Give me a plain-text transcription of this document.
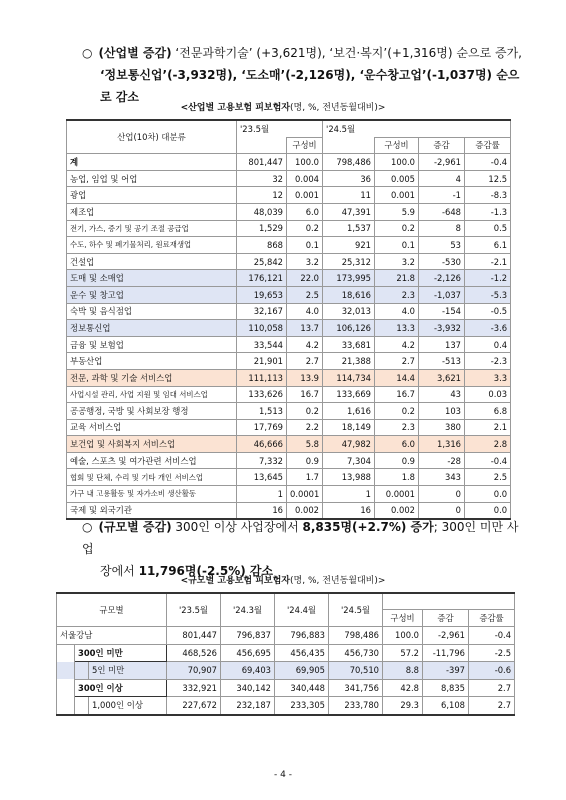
○ (산업별 증감) ‘전문과학기술’ (+3,621명), ‘보건·복지’(+1,316명) 순으로 증가,
‘정보통신업’(-3,932명), ‘도소매’(-2,126명), ‘운수창고업’(-1,037명) 순으로 감소
<산업별 고용보험 피보험자(명, %, 전년동월대비)>
산업(10차) 대분류	'23.5월		'24.5월			
		구성비		구성비	증감	증감률
계	801,447	100.0	798,486	100.0	-2,961	-0.4
농업, 임업 및 어업	32	0.004	36	0.005	4	12.5
광업	12	0.001	11	0.001	-1	-8.3
제조업	48,039	6.0	47,391	5.9	-648	-1.3
전기, 가스, 증기 및 공기 조절 공급업	1,529	0.2	1,537	0.2	8	0.5
수도, 하수 및 폐기물처리, 원료재생업	868	0.1	921	0.1	53	6.1
건설업	25,842	3.2	25,312	3.2	-530	-2.1
도매 및 소매업	176,121	22.0	173,995	21.8	-2,126	-1.2
운수 및 창고업	19,653	2.5	18,616	2.3	-1,037	-5.3
숙박 및 음식점업	32,167	4.0	32,013	4.0	-154	-0.5
정보통신업	110,058	13.7	106,126	13.3	-3,932	-3.6
금융 및 보험업	33,544	4.2	33,681	4.2	137	0.4
부동산업	21,901	2.7	21,388	2.7	-513	-2.3
전문, 과학 및 기술 서비스업	111,113	13.9	114,734	14.4	3,621	3.3
사업시설 관리, 사업 지원 및 임대 서비스업	133,626	16.7	133,669	16.7	43	0.03
공공행정, 국방 및 사회보장 행정	1,513	0.2	1,616	0.2	103	6.8
교육 서비스업	17,769	2.2	18,149	2.3	380	2.1
보건업 및 사회복지 서비스업	46,666	5.8	47,982	6.0	1,316	2.8
예술, 스포츠 및 여가관련 서비스업	7,332	0.9	7,304	0.9	-28	-0.4
협회 및 단체, 수리 및 기타 개인 서비스업	13,645	1.7	13,988	1.8	343	2.5
가구 내 고용활동 및 자가소비 생산활동	1	0.0001	1	0.0001	0	0.0
국제 및 외국기관	16	0.002	16	0.002	0	0.0
○ (규모별 증감) 300인 이상 사업장에서 8,835명(+2.7%) 증가; 300인 미만 사업
장에서 11,796명(-2.5%) 감소
<규모별 고용보험 피보험자(명, %, 전년동월대비)>
규모별			'23.5월	'24.3월	'24.4월	'24.5월			
							구성비	증감	증감률
서울강남			801,447	796,837	796,883	798,486	100.0	-2,961	-0.4
	300인 미만		468,526	456,695	456,435	456,730	57.2	-11,796	-2.5
		5인 미만	70,907	69,403	69,905	70,510	8.8	-397	-0.6
	300인 이상		332,921	340,142	340,448	341,756	42.8	8,835	2.7
		1,000인 이상	227,672	232,187	233,305	233,780	29.3	6,108	2.7
- 4 -
